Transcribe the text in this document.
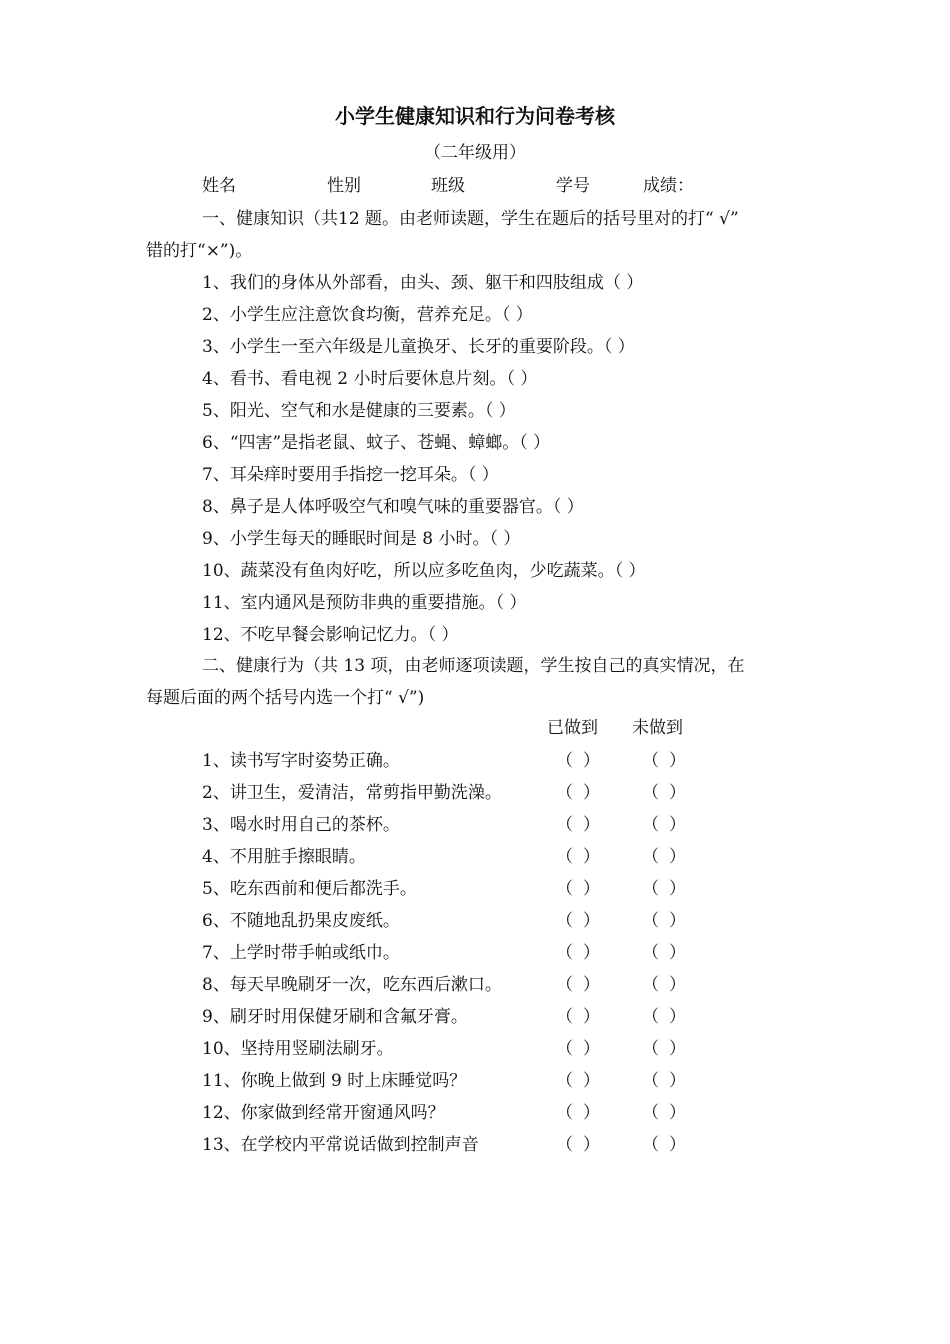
小学生健康知识和行为问卷考核
（二年级用）
姓名	性别	班级	学号	成绩：
一、健康知识（共12 题。由老师读题，学生在题后的括号里对的打“ √”
错的打“×”)。
1、我们的身体从外部看，由头、颈、躯干和四肢组成（ ）
2、小学生应注意饮食均衡，营养充足。（ ）
3、小学生一至六年级是儿童换牙、长牙的重要阶段。（ ）
4、看书、看电视 2 小时后要休息片刻。（ ）
5、阳光、空气和水是健康的三要素。（ ）
6、“四害”是指老鼠、蚊子、苍蝇、蟑螂。（ ）
7、耳朵痒时要用手指挖一挖耳朵。（ ）
8、鼻子是人体呼吸空气和嗅气味的重要器官。（ ）
9、小学生每天的睡眠时间是 8 小时。（ ）
10、蔬菜没有鱼肉好吃，所以应多吃鱼肉，少吃蔬菜。（ ）
11、室内通风是预防非典的重要措施。（ ）
12、不吃早餐会影响记忆力。（ ）
二、健康行为（共 13 项，由老师逐项读题，学生按自己的真实情况，在
每题后面的两个括号内选一个打“ √”)
已做到 未做到
1、读书写字时姿势正确。	（ ） （ ）
2、讲卫生，爱清洁，常剪指甲勤洗澡。	（ ） （ ）
3、喝水时用自己的茶杯。	（ ） （ ）
4、不用脏手擦眼睛。	（ ） （ ）
5、吃东西前和便后都洗手。	（ ） （ ）
6、不随地乱扔果皮废纸。	（ ） （ ）
7、上学时带手帕或纸巾。	（ ） （ ）
8、每天早晚刷牙一次，吃东西后漱口。	（ ） （ ）
9、刷牙时用保健牙刷和含氟牙膏。	（ ） （ ）
10、坚持用竖刷法刷牙。	（ ） （ ）
11、你晚上做到 9 时上床睡觉吗？	（ ） （ ）
12、你家做到经常开窗通风吗？	（ ） （ ）
13、在学校内平常说话做到控制声音	（ ） （ ）
